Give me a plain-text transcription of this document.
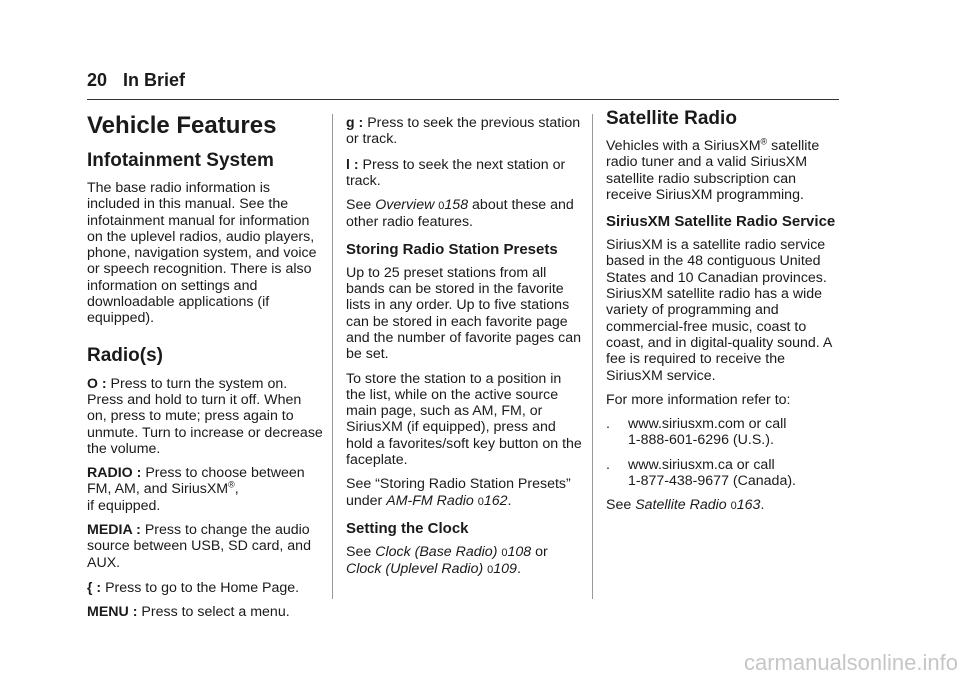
20 In Brief
Vehicle Features
Infotainment System

The base radio information is included in this manual. See the infotainment manual for information on the uplevel radios, audio players, phone, navigation system, and voice or speech recognition. There is also information on settings and downloadable applications (if equipped).

Radio(s)

O : Press to turn the system on. Press and hold to turn it off. When on, press to mute; press again to unmute. Turn to increase or decrease the volume.

RADIO : Press to choose between FM, AM, and SiriusXM®,
if equipped.

MEDIA : Press to change the audio source between USB, SD card, and AUX.

{ : Press to go to the Home Page.

MENU : Press to select a menu.

g : Press to seek the previous station or track.

l : Press to seek the next station or track.

See Overview 0158 about these and other radio features.

Storing Radio Station Presets

Up to 25 preset stations from all bands can be stored in the favorite lists in any order. Up to five stations can be stored in each favorite page and the number of favorite pages can be set.

To store the station to a position in the list, while on the active source main page, such as AM, FM, or SiriusXM (if equipped), press and hold a favorites/soft key button on the faceplate.

See “Storing Radio Station Presets” under AM-FM Radio 0162.

Setting the Clock

See Clock (Base Radio) 0108 or
Clock (Uplevel Radio) 0109.

Satellite Radio

Vehicles with a SiriusXM® satellite radio tuner and a valid SiriusXM satellite radio subscription can receive SiriusXM programming.

SiriusXM Satellite Radio Service

SiriusXM is a satellite radio service based in the 48 contiguous United States and 10 Canadian provinces. SiriusXM satellite radio has a wide variety of programming and commercial-free music, coast to coast, and in digital-quality sound. A fee is required to receive the SiriusXM service.

For more information refer to:

.	www.siriusxm.com or call
1-888-601-6296 (U.S.).
.	www.siriusxm.ca or call
1-877-438-9677 (Canada).

See Satellite Radio 0163.

carmanualsonline.info
